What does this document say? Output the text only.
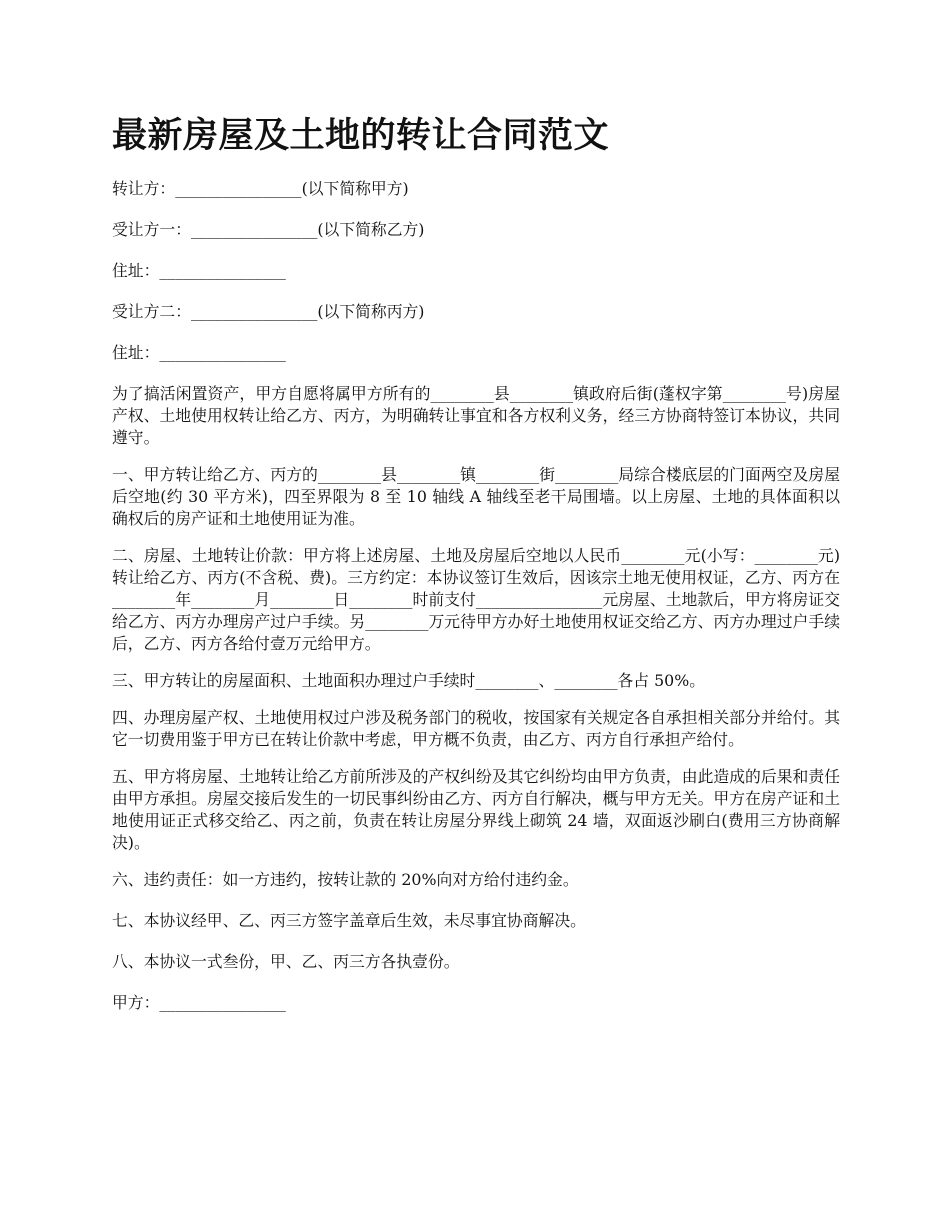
最新房屋及土地的转让合同范文

转让方：________________(以下简称甲方)

受让方一：________________(以下简称乙方)

住址：________________

受让方二：________________(以下简称丙方)

住址：________________

为了搞活闲置资产，甲方自愿将属甲方所有的________县________镇政府后街(蓬权字第________号)房屋产权、土地使用权转让给乙方、丙方，为明确转让事宜和各方权利义务，经三方协商特签订本协议，共同遵守。

一、甲方转让给乙方、丙方的________县________镇________街________局综合楼底层的门面两空及房屋后空地(约 30 平方米)，四至界限为 8 至 10 轴线 A 轴线至老干局围墙。以上房屋、土地的具体面积以确权后的房产证和土地使用证为准。

二、房屋、土地转让价款：甲方将上述房屋、土地及房屋后空地以人民币________元(小写：________元)转让给乙方、丙方(不含税、费)。三方约定：本协议签订生效后，因该宗土地无使用权证，乙方、丙方在________年________月________日________时前支付________________元房屋、土地款后，甲方将房证交给乙方、丙方办理房产过户手续。另________万元待甲方办好土地使用权证交给乙方、丙方办理过户手续后，乙方、丙方各给付壹万元给甲方。

三、甲方转让的房屋面积、土地面积办理过户手续时________、________各占 50%。

四、办理房屋产权、土地使用权过户涉及税务部门的税收，按国家有关规定各自承担相关部分并给付。其它一切费用鉴于甲方已在转让价款中考虑，甲方概不负责，由乙方、丙方自行承担产给付。

五、甲方将房屋、土地转让给乙方前所涉及的产权纠纷及其它纠纷均由甲方负责，由此造成的后果和责任由甲方承担。房屋交接后发生的一切民事纠纷由乙方、丙方自行解决，概与甲方无关。甲方在房产证和土地使用证正式移交给乙、丙之前，负责在转让房屋分界线上砌筑 24 墙，双面返沙刷白(费用三方协商解决)。

六、违约责任：如一方违约，按转让款的 20%向对方给付违约金。

七、本协议经甲、乙、丙三方签字盖章后生效，未尽事宜协商解决。

八、本协议一式叁份，甲、乙、丙三方各执壹份。

甲方：________________
